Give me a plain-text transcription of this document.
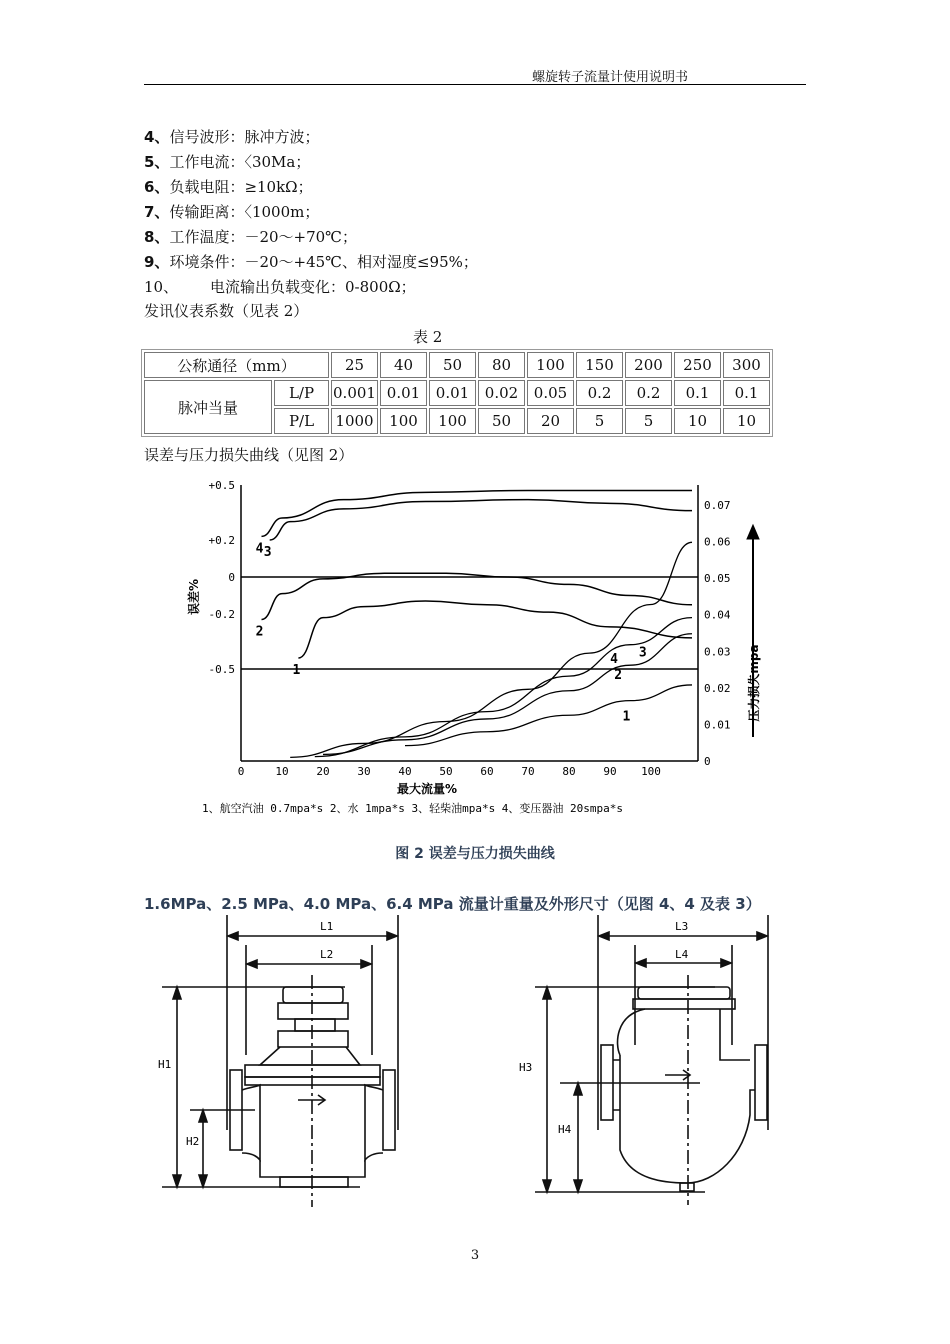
螺旋转子流量计使用说明书
4、信号波形：脉冲方波；
5、工作电流：〈30Ma；
6、负载电阻：≥10kΩ；
7、传输距离：〈1000m；
8、工作温度：－20～+70℃；
9、环境条件：－20～+45℃、相对湿度≤95%；
10、 电流输出负载变化：0-800Ω；
发讯仪表系数（见表 2）
表 2
公称通径（mm）		25	40	50	80	100	150	200	250	300
脉冲当量	L/P	0.001	0.01	0.01	0.02	0.05	0.2	0.2	0.1	0.1
	P/L	1000	100	100	50	20	5	5	10	10
误差与压力损失曲线（见图 2）
0	10	20	30	40	50	60	70	80	90 100
+0.5
+0.2
0
-0.2
-0.5
0.07
0.06
0.05
0.04
0.03
0.02
0.01
0
1
2
3
4
1
2
3
4
误差%
压力损失mpa
最大流量%
1、航空汽油 0.7mpa*s 2、水 1mpa*s 3、轻柴油mpa*s 4、变压器油 20smpa*s
图 2 误差与压力损失曲线
1.6MPa、2.5 MPa、4.0 MPa、6.4 MPa 流量计重量及外形尺寸（见图 4、4 及表 3）
H1
H2
L1
L2
H3
H4
L3
L4
3
